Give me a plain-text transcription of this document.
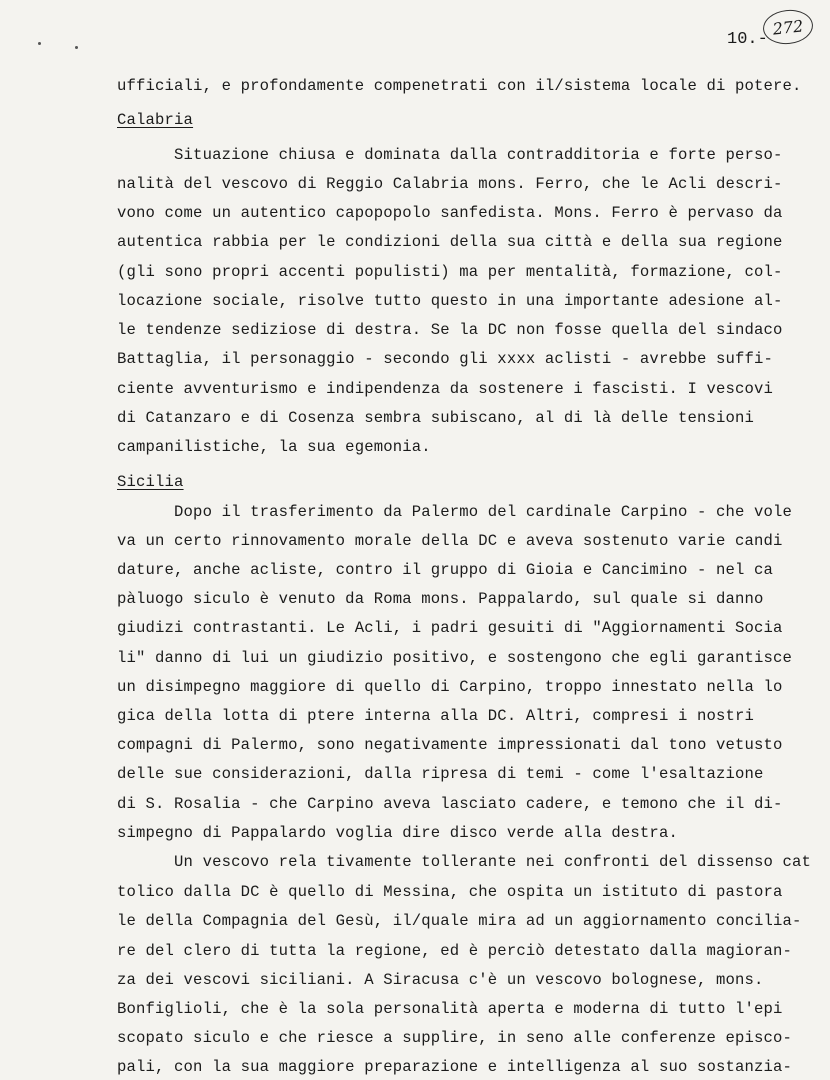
10.-
272
ufficiali, e profondamente compenetrati con il/sistema locale di potere.
Calabria
Situazione chiusa e dominata dalla contradditoria e forte perso-
nalità del vescovo di Reggio Calabria mons. Ferro, che le Acli descri-
vono come un autentico capopopolo sanfedista. Mons. Ferro è pervaso da
autentica rabbia per le condizioni della sua città e della sua regione
(gli sono propri accenti populisti) ma per mentalità, formazione, col-
locazione sociale, risolve tutto questo in una importante adesione al-
le tendenze sediziose di destra. Se la DC non fosse quella del sindaco
Battaglia, il personaggio - secondo gli xxxx aclisti - avrebbe suffi-
ciente avventurismo e indipendenza da sostenere i fascisti. I vescovi
di Catanzaro e di Cosenza sembra subiscano, al di là delle tensioni
campanilistiche, la sua egemonia.
Sicilia
Dopo il trasferimento da Palermo del cardinale Carpino - che vole
va un certo rinnovamento morale della DC e aveva sostenuto varie candi
dature, anche acliste, contro il gruppo di Gioia e Cancimino - nel ca
pàluogo siculo è venuto da Roma mons. Pappalardo, sul quale si danno
giudizi contrastanti. Le Acli, i padri gesuiti di "Aggiornamenti Socia
li" danno di lui un giudizio positivo, e sostengono che egli garantisce
un disimpegno maggiore di quello di Carpino, troppo innestato nella lo
gica della lotta di ptere interna alla DC. Altri, compresi i nostri
compagni di Palermo, sono negativamente impressionati dal tono vetusto
delle sue considerazioni, dalla ripresa di temi - come l'esaltazione
di S. Rosalia - che Carpino aveva lasciato cadere, e temono che il di-
simpegno di Pappalardo voglia dire disco verde alla destra.
Un vescovo rela tivamente tollerante nei confronti del dissenso cat
tolico dalla DC è quello di Messina, che ospita un istituto di pastora
le della Compagnia del Gesù, il/quale mira ad un aggiornamento concilia-
re del clero di tutta la regione, ed è perciò detestato dalla magioran-
za dei vescovi siciliani. A Siracusa c'è un vescovo bolognese, mons.
Bonfiglioli, che è la sola personalità aperta e moderna di tutto l'epi
scopato siculo e che riesce a supplire, in seno alle conferenze episco-
pali, con la sua maggiore preparazione e intelligenza al suo sostanzia-
